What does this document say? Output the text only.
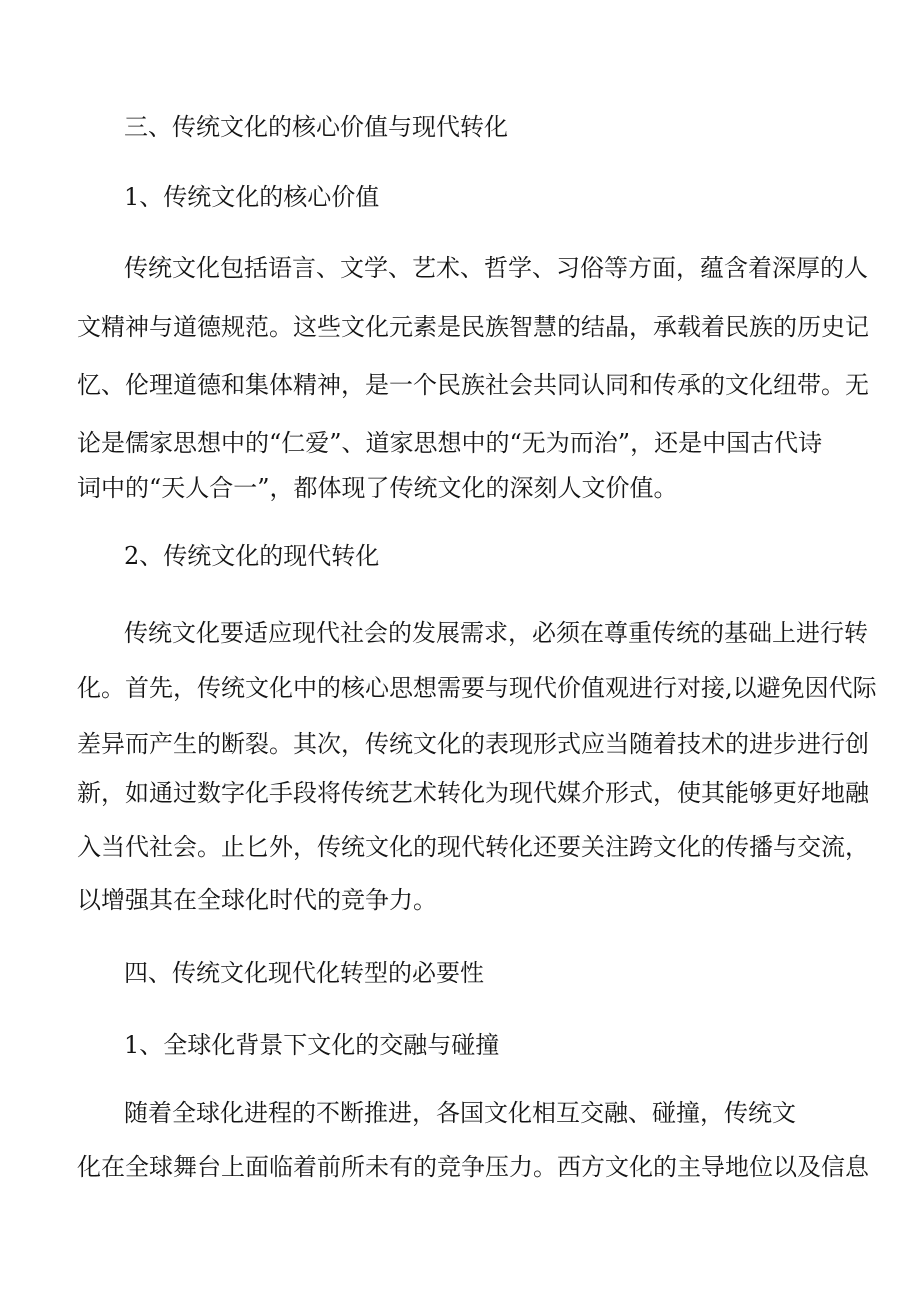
三、传统文化的核心价值与现代转化
1、传统文化的核心价值
传统文化包括语言、文学、艺术、哲学、习俗等方面，蕴含着深厚的人
文精神与道德规范。这些文化元素是民族智慧的结晶，承载着民族的历史记
忆、伦理道德和集体精神，是一个民族社会共同认同和传承的文化纽带。无
论是儒家思想中的“仁爱”、道家思想中的“无为而治”，还是中国古代诗
词中的“天人合一”，都体现了传统文化的深刻人文价值。
2、传统文化的现代转化
传统文化要适应现代社会的发展需求，必须在尊重传统的基础上进行转
化。首先，传统文化中的核心思想需要与现代价值观进行对接,以避免因代际
差异而产生的断裂。其次，传统文化的表现形式应当随着技术的进步进行创
新，如通过数字化手段将传统艺术转化为现代媒介形式，使其能够更好地融
入当代社会。止匕外，传统文化的现代转化还要关注跨文化的传播与交流，
以增强其在全球化时代的竞争力。
四、传统文化现代化转型的必要性
1、全球化背景下文化的交融与碰撞
随着全球化进程的不断推进，各国文化相互交融、碰撞，传统文
化在全球舞台上面临着前所未有的竞争压力。西方文化的主导地位以及信息
